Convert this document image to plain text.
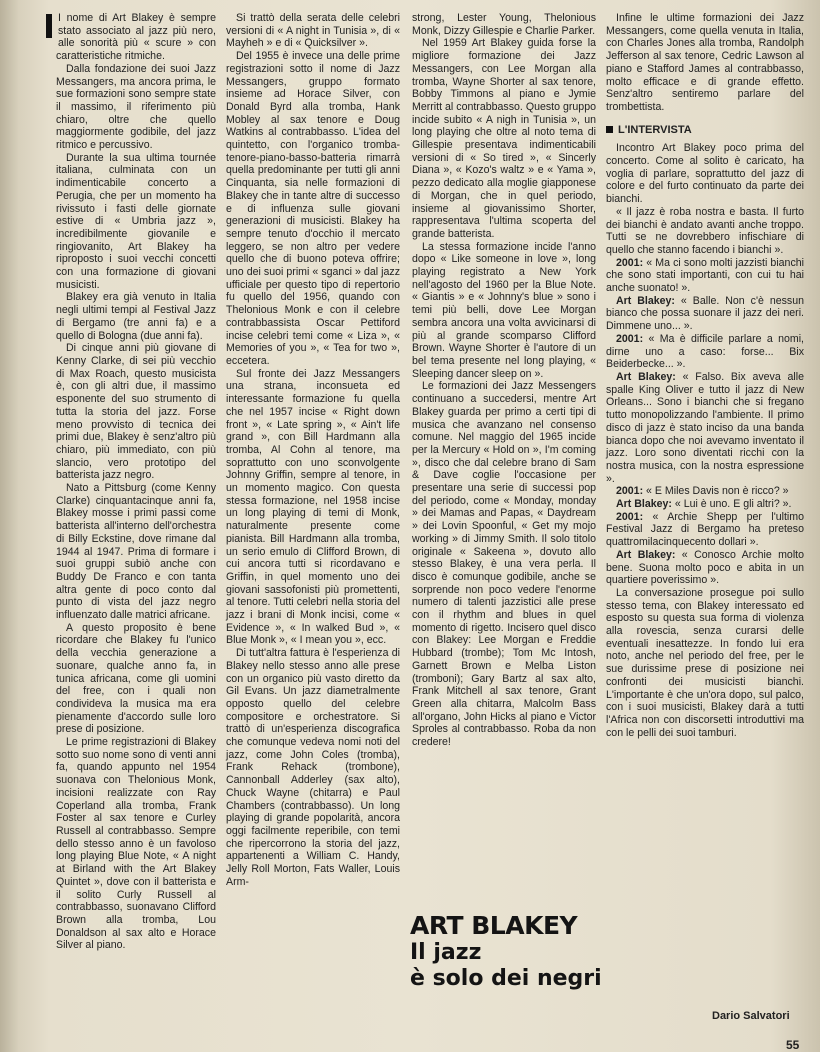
I nome di Art Blakey è sempre stato associato al jazz più nero, alle sonorità più « scure » con caratteristiche ritmiche.

Dalla fondazione dei suoi Jazz Messangers, ma ancora prima, le sue formazioni sono sempre state il massimo, il riferimento più chiaro, oltre che quello maggiormente godibile, del jazz ritmico e percussivo.

Durante la sua ultima tournée italiana, culminata con un indimenticabile concerto a Perugia, che per un momento ha rivissuto i fasti delle giornate estive di « Umbria jazz », incredibilmente giovanile e ringiovanito, Art Blakey ha riproposto i suoi vecchi concetti con una formazione di giovani musicisti.

Blakey era già venuto in Italia negli ultimi tempi al Festival Jazz di Bergamo (tre anni fa) e a quello di Bologna (due anni fa).

Di cinque anni più giovane di Kenny Clarke, di sei più vecchio di Max Roach, questo musicista è, con gli altri due, il massimo esponente del suo strumento di tutta la storia del jazz. Forse meno provvisto di tecnica dei primi due, Blakey è senz'altro più chiaro, più immediato, con più slancio, vero prototipo del batterista jazz negro.

Nato a Pittsburg (come Kenny Clarke) cinquantacinque anni fa, Blakey mosse i primi passi come batterista all'interno dell'orchestra di Billy Eckstine, dove rimane dal 1944 al 1947. Prima di formare i suoi gruppi subiò anche con Buddy De Franco e con tanta altra gente di poco conto dal punto di vista del jazz negro influenzato dalle matrici africane.

A questo proposito è bene ricordare che Blakey fu l'unico della vecchia generazione a suonare, qualche anno fa, in tunica africana, come gli uomini del free, con i quali non condivideva la musica ma era pienamente d'accordo sulle loro prese di posizione.

Le prime registrazioni di Blakey sotto suo nome sono di venti anni fa, quando appunto nel 1954 suonava con Thelonious Monk, incisioni realizzate con Ray Coperland alla tromba, Frank Foster al sax tenore e Curley Russell al contrabbasso. Sempre dello stesso anno è un favoloso long playing Blue Note, « A night at Birland with the Art Blakey Quintet », dove con il batterista e il solito Curly Russell al contrabbasso, suonavano Clifford Brown alla tromba, Lou Donaldson al sax alto e Horace Silver al piano.

Si trattò della serata delle celebri versioni di « A night in Tunisia », di « Mayheh » e di « Quicksilver ».

Del 1955 è invece una delle prime registrazioni sotto il nome di Jazz Messangers, gruppo formato insieme ad Horace Silver, con Donald Byrd alla tromba, Hank Mobley al sax tenore e Doug Watkins al contrabbasso. L'idea del quintetto, con l'organico tromba-tenore-piano-basso-batteria rimarrà quella predominante per tutti gli anni Cinquanta, sia nelle formazioni di Blakey che in tante altre di successo e di influenza sulle giovani generazioni di musicisti. Blakey ha sempre tenuto d'occhio il mercato leggero, se non altro per vedere quello che di buono poteva offrire; uno dei suoi primi « sganci » dal jazz ufficiale per questo tipo di repertorio fu quello del 1956, quando con Thelonious Monk e con il celebre contrabbassista Oscar Pettiford incise celebri temi come « Liza », « Memories of you », « Tea for two », eccetera.

Sul fronte dei Jazz Messangers una strana, inconsueta ed interessante formazione fu quella che nel 1957 incise « Right down front », « Late spring », « Ain't life grand », con Bill Hardmann alla tromba, Al Cohn al tenore, ma soprattutto con uno sconvolgente Johnny Griffin, sempre al tenore, in un momento magico. Con questa stessa formazione, nel 1958 incise un long playing di temi di Monk, naturalmente presente come pianista. Bill Hardmann alla tromba, un serio emulo di Clifford Brown, di cui ancora tutti si ricordavano e Griffin, in quel momento uno dei giovani sassofonisti più promettenti, al tenore. Tutti celebri nella storia del jazz i brani di Monk incisi, come « Evidence », « In walked Bud », « Blue Monk », « I mean you », ecc.

Di tutt'altra fattura è l'esperienza di Blakey nello stesso anno alle prese con un organico più vasto diretto da Gil Evans. Un jazz diametralmente opposto quello del celebre compositore e orchestratore. Si trattò di un'esperienza discografica che comunque vedeva nomi noti del jazz, come John Coles (tromba), Frank Rehack (trombone), Cannonball Adderley (sax alto), Chuck Wayne (chitarra) e Paul Chambers (contrabbasso). Un long playing di grande popolarità, ancora oggi facilmente reperibile, con temi che ripercorrono la storia del jazz, appartenenti a William C. Handy, Jelly Roll Morton, Fats Waller, Louis Arm-

strong, Lester Young, Thelonious Monk, Dizzy Gillespie e Charlie Parker.

Nel 1959 Art Blakey guida forse la migliore formazione dei Jazz Messangers, con Lee Morgan alla tromba, Wayne Shorter al sax tenore, Bobby Timmons al piano e Jymie Merritt al contrabbasso. Questo gruppo incide subito « A nigh in Tunisia », un long playing che oltre al noto tema di Gillespie presentava indimenticabili versioni di « So tired », « Sincerly Diana », « Kozo's waltz » e « Yama », pezzo dedicato alla moglie giapponese di Morgan, che in quel periodo, insieme al giovanissimo Shorter, rappresentava l'ultima scoperta del grande batterista.

La stessa formazione incide l'anno dopo « Like someone in love », long playing registrato a New York nell'agosto del 1960 per la Blue Note. « Giantis » e « Johnny's blue » sono i temi più belli, dove Lee Morgan sembra ancora una volta avvicinarsi di più al grande scomparso Clifford Brown. Wayne Shorter è l'autore di un bel tema presente nel long playing, « Sleeping dancer sleep on ».

Le formazioni dei Jazz Messengers continuano a succedersi, mentre Art Blakey guarda per primo a certi tipi di musica che avanzano nel consenso comune. Nel maggio del 1965 incide per la Mercury « Hold on », I'm coming », disco che dal celebre brano di Sam & Dave coglie l'occasione per presentare una serie di successi pop del periodo, come « Monday, monday » dei Mamas and Papas, « Daydream » dei Lovin Spoonful, « Get my mojo working » di Jimmy Smith. Il solo titolo originale « Sakeena », dovuto allo stesso Blakey, è una vera perla. Il disco è comunque godibile, anche se sorprende non poco vedere l'enorme numero di talenti jazzistici alle prese con il rhythm and blues in quel momento di rigetto. Incisero quel disco con Blakey: Lee Morgan e Freddie Hubbard (trombe); Tom Mc Intosh, Garnett Brown e Melba Liston (tromboni); Gary Bartz al sax alto, Frank Mitchell al sax tenore, Grant Green alla chitarra, Malcolm Bass all'organo, John Hicks al piano e Victor Sproles al contrabbasso. Roba da non credere!

Infine le ultime formazioni dei Jazz Messangers, come quella venuta in Italia, con Charles Jones alla tromba, Randolph Jefferson al sax tenore, Cedric Lawson al piano e Stafford James al contrabbasso, molto efficace e di grande effetto. Senz'altro sentiremo parlare del trombettista.

L'INTERVISTA

Incontro Art Blakey poco prima del concerto. Come al solito è caricato, ha voglia di parlare, soprattutto del jazz di colore e del furto continuato da parte dei bianchi.

« Il jazz è roba nostra e basta. Il furto dei bianchi è andato avanti anche troppo. Tutti se ne dovrebbero infischiare di quello che stanno facendo i bianchi ».

2001: « Ma ci sono molti jazzisti bianchi che sono stati importanti, con cui tu hai anche suonato! ».

Art Blakey: « Balle. Non c'è nessun bianco che possa suonare il jazz dei neri. Dimmene uno... ».

2001: « Ma è difficile parlare a nomi, dirne uno a caso: forse... Bix Beiderbecke... ».

Art Blakey: « Falso. Bix aveva alle spalle King Oliver e tutto il jazz di New Orleans... Sono i bianchi che si fregano tutto monopolizzando l'ambiente. Il primo disco di jazz è stato inciso da una banda bianca dopo che noi avevamo inventato il jazz. Loro sono diventati ricchi con la nostra musica, con la nostra espressione ».

2001: « E Miles Davis non è ricco? »

Art Blakey: « Lui è uno. E gli altri? ».

2001: « Archie Shepp per l'ultimo Festival Jazz di Bergamo ha preteso quattromilacinquecento dollari ».

Art Blakey: « Conosco Archie molto bene. Suona molto poco e abita in un quartiere poverissimo ».

La conversazione prosegue poi sullo stesso tema, con Blakey interessato ed esposto su questa sua forma di violenza alla rovescia, senza curarsi delle eventuali inesattezze. In fondo lui era noto, anche nel periodo del free, per le sue durissime prese di posizione nei confronti dei musicisti bianchi. L'importante è che un'ora dopo, sul palco, con i suoi musicisti, Blakey darà a tutti l'Africa non con discorsetti introduttivi ma con le pelli dei suoi tamburi.

ART BLAKEY
Il jazz
è solo dei negri
Dario Salvatori
55
